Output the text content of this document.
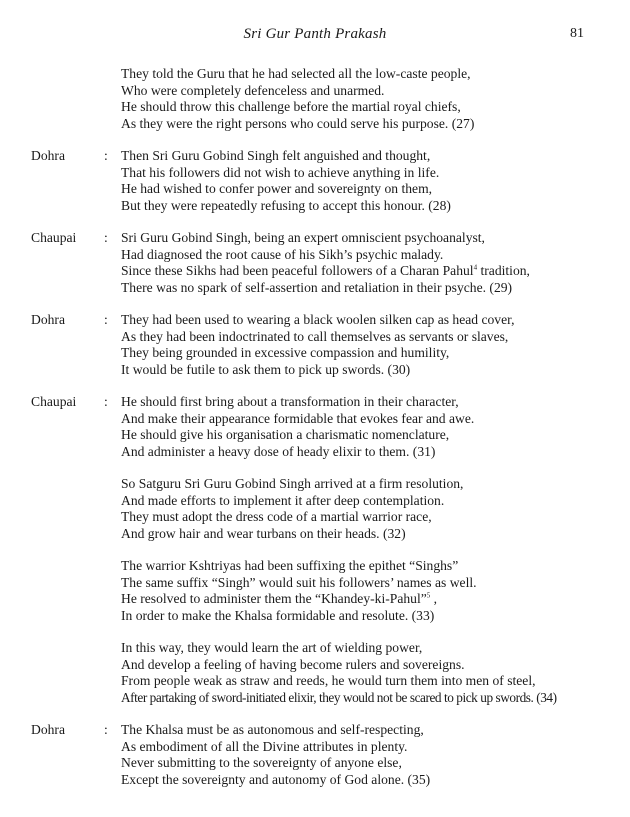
Sri Gur Panth Prakash	81
They told the Guru that he had selected all the low-caste people,
Who were completely defenceless and unarmed.
He should throw this challenge before the martial royal chiefs,
As they were the right persons who could serve his purpose. (27)
Dohra	: Then Sri Guru Gobind Singh felt anguished and thought,
That his followers did not wish to achieve anything in life.
He had wished to confer power and sovereignty on them,
But they were repeatedly refusing to accept this honour. (28)
Chaupai : Sri Guru Gobind Singh, being an expert omniscient psychoanalyst,
Had diagnosed the root cause of his Sikh’s psychic malady.
Since these Sikhs had been peaceful followers of a Charan Pahul$^4$ tradition,
There was no spark of self-assertion and retaliation in their psyche. (29)
Dohra	: They had been used to wearing a black woolen silken cap as head cover,
As they had been indoctrinated to call themselves as servants or slaves,
They being grounded in excessive compassion and humility,
It would be futile to ask them to pick up swords. (30)
Chaupai : He should first bring about a transformation in their character,
And make their appearance formidable that evokes fear and awe.
He should give his organisation a charismatic nomenclature,
And administer a heavy dose of heady elixir to them. (31)
So Satguru Sri Guru Gobind Singh arrived at a firm resolution,
And made efforts to implement it after deep contemplation.
They must adopt the dress code of a martial warrior race,
And grow hair and wear turbans on their heads. (32)
The warrior Kshtriyas had been suffixing the epithet “Singhs”
The same suffix “Singh” would suit his followers’ names as well.
He resolved to administer them the “Khandey-ki-Pahul”$^5$ ,
In order to make the Khalsa formidable and resolute. (33)
In this way, they would learn the art of wielding power,
And develop a feeling of having become rulers and sovereigns.
From people weak as straw and reeds, he would turn them into men of steel,
After partaking of sword-initiated elixir, they would not be scared to pick up swords. (34)
Dohra	: The Khalsa must be as autonomous and self-respecting,
As embodiment of all the Divine attributes in plenty.
Never submitting to the sovereignty of anyone else,
Except the sovereignty and autonomy of God alone. (35)
